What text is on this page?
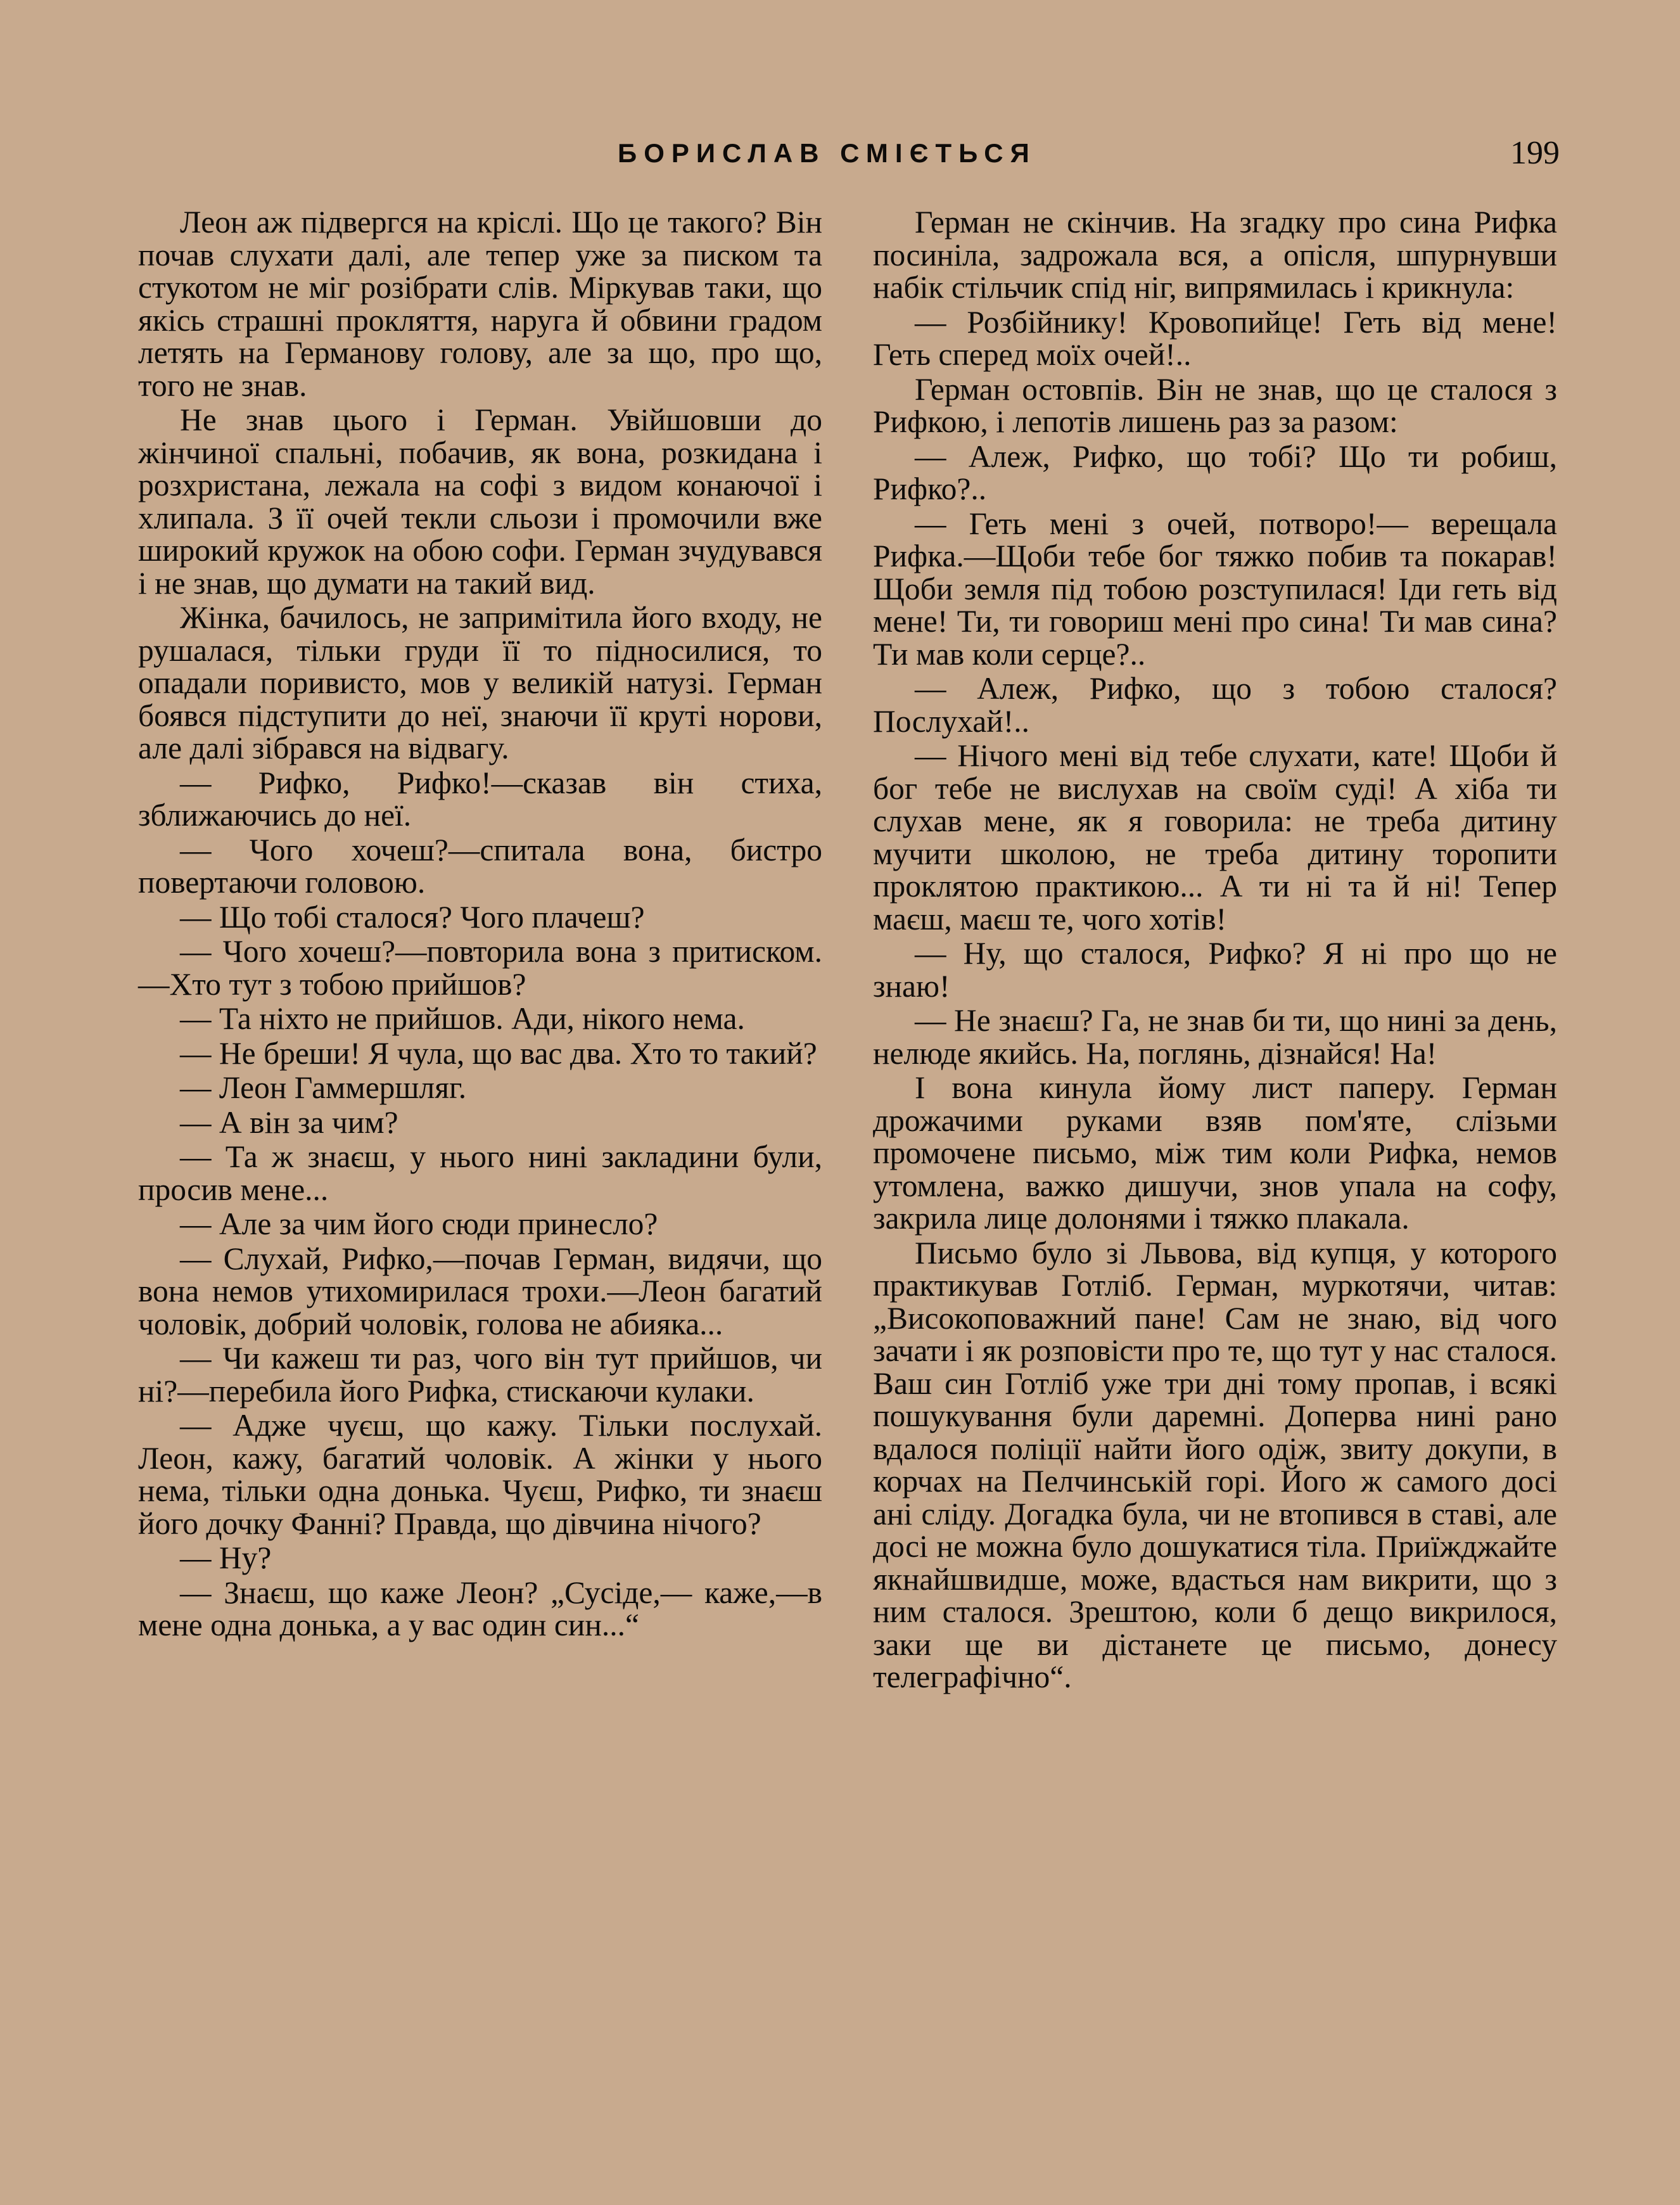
БОРИСЛАВ СМІЄТЬСЯ	199

Леон аж підвергся на кріслі. Що це такого? Він почав слухати далі, але тепер уже за писком та стукотом не міг розібрати слів. Міркував таки, що якісь страшні прокляття, наруга й обвини градом летять на Германову голову, але за що, про що, того не знав.

Не знав цього і Герман. Увійшовши до жінчиної спальні, побачив, як вона, розкидана і розхристана, лежала на софі з видом конаючої і хлипала. З її очей текли сльози і промочили вже широкий кружок на обою софи. Герман зчудувався і не знав, що думати на такий вид.

Жінка, бачилось, не запримітила його входу, не рушалася, тільки груди її то підносилися, то опадали поривисто, мов у великій натузі. Герман боявся підступити до неї, знаючи її круті норови, але далі зібрався на відвагу.

— Рифко, Рифко!—сказав він стиха, зближаючись до неї.

— Чого хочеш?—спитала вона, бистро повертаючи головою.

— Що тобі сталося? Чого плачеш?

— Чого хочеш?—повторила вона з притиском.—Хто тут з тобою прийшов?

— Та ніхто не прийшов. Ади, нікого нема.

— Не бреши! Я чула, що вас два. Хто то такий?

— Леон Гаммершляг.

— А він за чим?

— Та ж знаєш, у нього нині закладини були, просив мене...

— Але за чим його сюди принесло?

— Слухай, Рифко,—почав Герман, видячи, що вона немов утихомирилася трохи.—Леон багатий чоловік, добрий чоловік, голова не абияка...

— Чи кажеш ти раз, чого він тут прийшов, чи ні?—перебила його Рифка, стискаючи кулаки.

— Адже чуєш, що кажу. Тільки послухай. Леон, кажу, багатий чоловік. А жінки у нього нема, тільки одна донька. Чуєш, Рифко, ти знаєш його дочку Фанні? Правда, що дівчина нічого?

— Ну?

— Знаєш, що каже Леон? „Сусіде,— каже,—в мене одна донька, а у вас один син...“

Герман не скінчив. На згадку про сина Рифка посиніла, задрожала вся, а опісля, шпурнувши набік стільчик спід ніг, випрямилась і крикнула:

— Розбійнику! Кровопийце! Геть від мене! Геть спеpед моїх очей!..

Герман остовпів. Він не знав, що це сталося з Рифкою, і лепотів лишень раз за разом:

— Алеж, Рифко, що тобі? Що ти робиш, Рифко?..

— Геть мені з очей, потворо!— верещала Рифка.—Щоби тебе бог тяжко побив та покарав! Щоби земля під тобою розступилася! Іди геть від мене! Ти, ти говориш мені про сина! Ти мав сина? Ти мав коли серце?..

— Алеж, Рифко, що з тобою сталося? Послухай!..

— Нічого мені від тебе слухати, кате! Щоби й бог тебе не вислухав на своїм суді! А хіба ти слухав мене, як я говорила: не треба дитину мучити школою, не треба дитину торопити проклятою практикою... А ти ні та й ні! Тепер маєш, маєш те, чого хотів!

— Ну, що сталося, Рифко? Я ні про що не знаю!

— Не знаєш? Га, не знав би ти, що нині за день, нелюде якийсь. На, поглянь, дізнайся! На!

І вона кинула йому лист паперу. Герман дрожачими руками взяв пом'яте, слізьми промочене письмо, між тим коли Рифка, немов утомлена, важко дишучи, знов упала на софу, закрила лице долонями і тяжко плакала.

Письмо було зі Львова, від купця, у которого практикував Готліб. Герман, муркотячи, читав: „Високоповажний пане! Сам не знаю, від чого зачати і як розповісти про те, що тут у нас сталося. Ваш син Готліб уже три дні тому пропав, і всякі пошукування були даремні. Доперва нині рано вдалося поліції найти його одіж, звиту докупи, в корчах на Пелчинській горі. Його ж самого досі ані сліду. Догадка була, чи не втопився в ставі, але досі не можна було дошукатися тіла. Приїжджайте якнайшвидше, може, вдасться нам викрити, що з ним сталося. Зрештою, коли б дещо викрилося, заки ще ви дістанете це письмо, донесу телеграфічно“.
